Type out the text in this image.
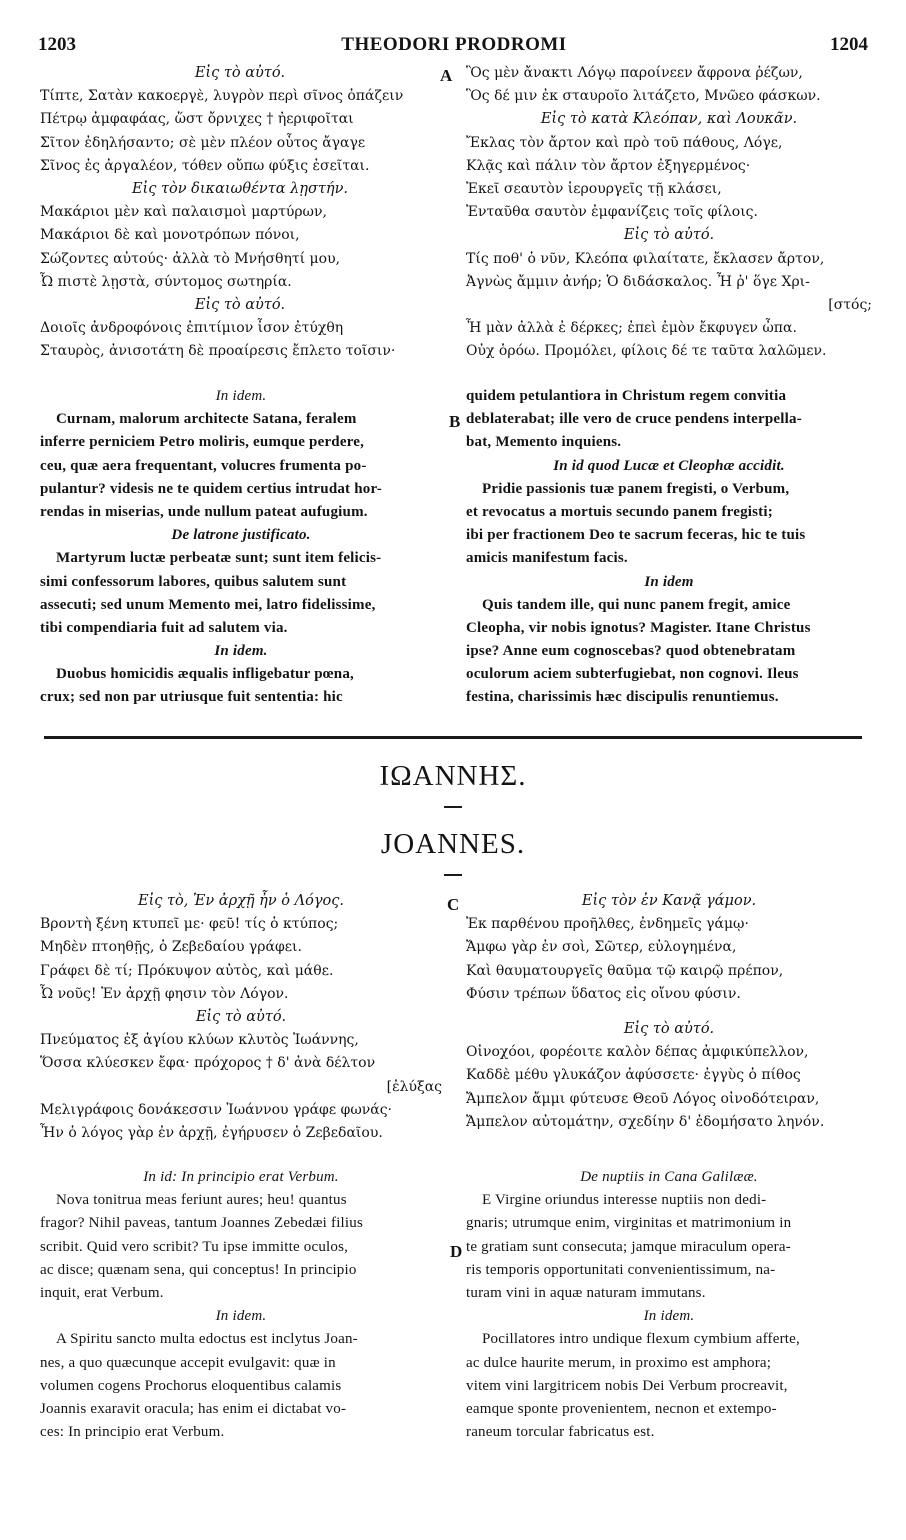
1203	THEODORI PRODROMI	1204
A
B
C
D
Εἰς τὸ αὐτό.
Τίπτε, Σατὰν κακοεργὲ, λυγρὸν περὶ σῖνος ὀπάζειν
Πέτρῳ ἀμφαφάας, ὥστ ὄρνιχες † ἠεριφοῖται
Σῖτον ἐδηλήσαντο; σὲ μὲν πλέον οὗτος ἄγαγε
Σῖνος ἐς ἀργαλέον, τόθεν οὔπω φύξις ἐσεῖται.
Εἰς τὸν δικαιωθέντα λῃστήν.
Μακάριοι μὲν καὶ παλαισμοὶ μαρτύρων,
Μακάριοι δὲ καὶ μονοτρόπων πόνοι,
Σώζοντες αὐτούς· ἀλλὰ τὸ Μνήσθητί μου,
Ὦ πιστὲ λῃστὰ, σύντομος σωτηρία.
Εἰς τὸ αὐτό.
Δοιοῖς ἀνδροφόνοις ἐπιτίμιον ἶσον ἐτύχθη
Σταυρὸς, ἀνισοτάτη δὲ προαίρεσις ἔπλετο τοῖσιν·
Ὃς μὲν ἄνακτι Λόγῳ παροίνεεν ἄφρονα ῥέζων,
Ὃς δέ μιν ἐκ σταυροῖο λιτάζετο, Μνῶεο φάσκων.
Εἰς τὸ κατὰ Κλεόπαν, καὶ Λουκᾶν.
Ἔκλας τὸν ἄρτον καὶ πρὸ τοῦ πάθους, Λόγε,
Κλᾷς καὶ πάλιν τὸν ἄρτον ἐξηγερμένος·
Ἐκεῖ σεαυτὸν ἱερουργεῖς τῇ κλάσει,
Ἐνταῦθα σαυτὸν ἐμφανίζεις τοῖς φίλοις.
Εἰς τὸ αὐτό.
Τίς ποθ' ὁ νῦν, Κλεόπα φιλαίτατε, ἔκλασεν ἄρτον,
Ἀγνὼς ἄμμιν ἀνήρ; Ὁ διδάσκαλος. Ἦ ῥ' ὅγε Χρι-
[στός;
Ἦ μὰν ἀλλὰ ἐ δέρκες; ἐπεὶ ἐμὸν ἔκφυγεν ὦπα.
Οὐχ ὁρόω. Προμόλει, φίλοις δέ τε ταῦτα λαλῶμεν.
In idem.
Curnam, malorum architecte Satana, feralem
inferre perniciem Petro moliris, eumque perdere,
ceu, quæ aera frequentant, volucres frumenta po-
pulantur? videsis ne te quidem certius intrudat hor-
rendas in miserias, unde nullum pateat aufugium.
De latrone justificato.
Martyrum luctæ perbeatæ sunt; sunt item felicis-
simi confessorum labores, quibus salutem sunt
assecuti; sed unum Memento mei, latro fidelissime,
tibi compendiaria fuit ad salutem via.
In idem.
Duobus homicidis æqualis infligebatur pœna,
crux; sed non par utriusque fuit sententia: hic
quidem petulantiora in Christum regem convitia
deblaterabat; ille vero de cruce pendens interpella-
bat, Memento inquiens.
In id quod Lucæ et Cleophæ accidit.
Pridie passionis tuæ panem fregisti, o Verbum,
et revocatus a mortuis secundo panem fregisti;
ibi per fractionem Deo te sacrum feceras, hic te tuis
amicis manifestum facis.
In idem
Quis tandem ille, qui nunc panem fregit, amice
Cleopha, vir nobis ignotus? Magister. Itane Christus
ipse? Anne eum cognoscebas? quod obtenebratam
oculorum aciem subterfugiebat, non cognovi. Ileus
festina, charissimis hæc discipulis renuntiemus.
ΙΩΑΝΝΗΣ.
JOANNES.
Εἰς τὸ, Ἐν ἀρχῇ ἦν ὁ Λόγος.
Βροντὴ ξένη κτυπεῖ με· φεῦ! τίς ὁ κτύπος;
Μηδὲν πτοηθῇς, ὁ Ζεβεδαίου γράφει.
Γράφει δὲ τί; Πρόκυψον αὐτὸς, καὶ μάθε.
Ὦ νοῦς! Ἐν ἀρχῇ φησιν τὸν Λόγον.
Εἰς τὸ αὐτό.
Πνεύματος ἐξ ἁγίου κλύων κλυτὸς Ἰωάννης,
Ὅσσα κλύεσκεν ἔφα· πρόχορος † δ' ἀνὰ δέλτον
[ἐλύξας
Μελιγράφοις δονάκεσσιν Ἰωάννου γράφε φωνάς·
Ἦν ὁ λόγος γὰρ ἐν ἀρχῇ, ἐγήρυσεν ὁ Ζεβεδαῖου.
Εἰς τὸν ἐν Κανᾷ γάμον.
Ἐκ παρθένου προῆλθες, ἐνδημεῖς γάμῳ·
Ἄμφω γὰρ ἐν σοὶ, Σῶτερ, εὐλογημένα,
Καὶ θαυματουργεῖς θαῦμα τῷ καιρῷ πρέπον,
Φύσιν τρέπων ὕδατος εἰς οἴνου φύσιν.
Εἰς τὸ αὐτό.
Οἰνοχόοι, φορέοιτε καλὸν δέπας ἀμφικύπελλον,
Καδδὲ μέθυ γλυκάζον ἀφύσσετε· ἐγγὺς ὁ πίθος
Ἄμπελον ἄμμι φύτευσε Θεοῦ Λόγος οἰνοδότειραν,
Ἄμπελον αὐτομάτην, σχεδίην δ' ἐδομήσατο ληνόν.
In id: In principio erat Verbum.
Nova tonitrua meas feriunt aures; heu! quantus
fragor? Nihil paveas, tantum Joannes Zebedæi filius
scribit. Quid vero scribit? Tu ipse immitte oculos,
ac disce; quænam sena, qui conceptus! In principio
inquit, erat Verbum.
In idem.
A Spiritu sancto multa edoctus est inclytus Joan-
nes, a quo quæcunque accepit evulgavit: quæ in
volumen cogens Prochorus eloquentibus calamis
Joannis exaravit oracula; has enim ei dictabat vo-
ces: In principio erat Verbum.
De nuptiis in Cana Galilææ.
E Virgine oriundus interesse nuptiis non dedi-
gnaris; utrumque enim, virginitas et matrimonium in
te gratiam sunt consecuta; jamque miraculum opera-
ris temporis opportunitati convenientissimum, na-
turam vini in aquæ naturam immutans.
In idem.
Pocillatores intro undique flexum cymbium afferte,
ac dulce haurite merum, in proximo est amphora;
vitem vini largitricem nobis Dei Verbum procreavit,
eamque sponte provenientem, necnon et extempo-
raneum torcular fabricatus est.
